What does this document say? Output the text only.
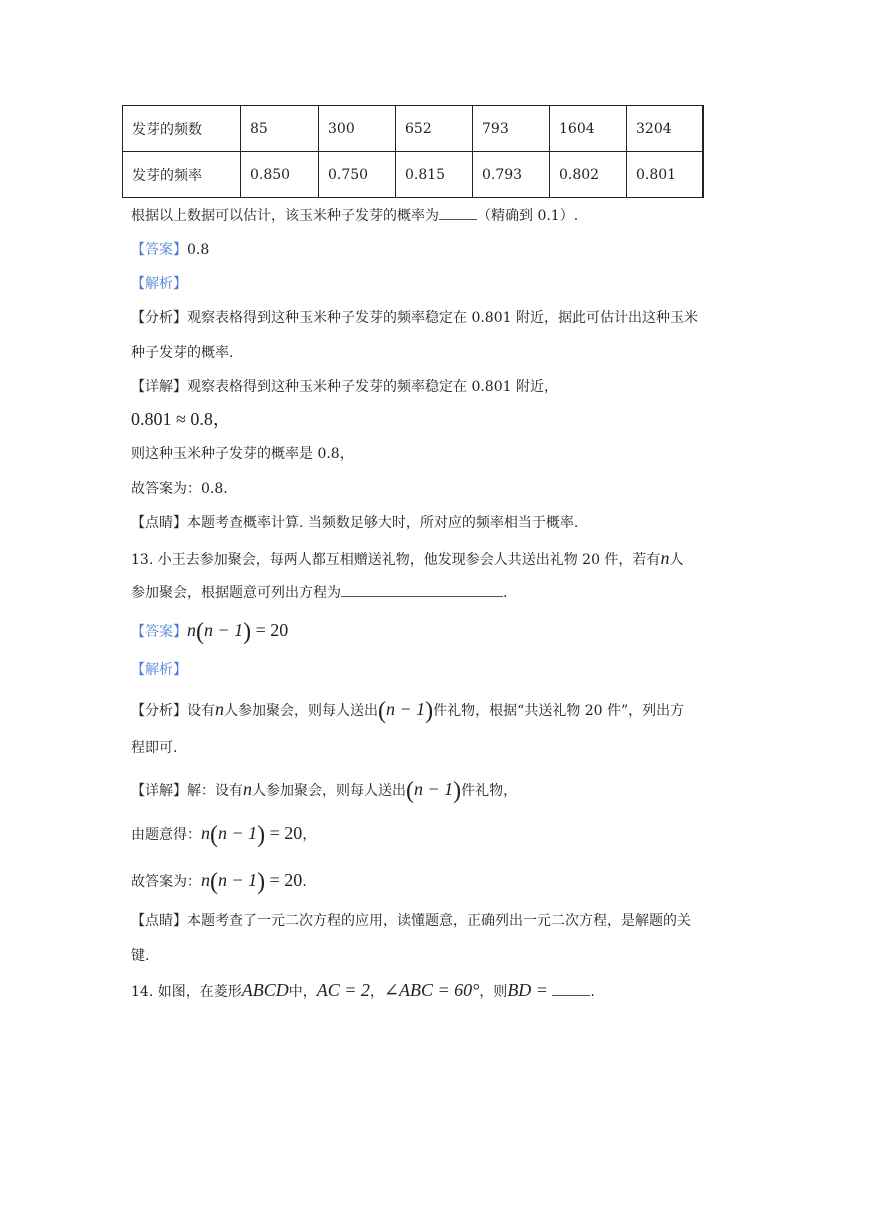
发芽的频数	85	300	652	793	1604	3204
发芽的频率	0.850	0.750	0.815	0.793	0.802	0.801
根据以上数据可以估计，该玉米种子发芽的概率为	（精确到 0.1）.
【答案】0.8
【解析】
【分析】观察表格得到这种玉米种子发芽的频率稳定在 0.801 附近，据此可估计出这种玉米
种子发芽的概率.
【详解】观察表格得到这种玉米种子发芽的频率稳定在 0.801 附近，
0.801 ≈ 0.8，
则这种玉米种子发芽的概率是 0.8，
故答案为：0.8.
【点睛】本题考查概率计算. 当频数足够大时，所对应的频率相当于概率.
13. 小王去参加聚会，每两人都互相赠送礼物，他发现参会人共送出礼物 20 件，若有n人
参加聚会，根据题意可列出方程为	.
【答案】n(n − 1) = 20
【解析】
【分析】设有n人参加聚会，则每人送出(n − 1)件礼物，根据“共送礼物 20 件”，列出方
程即可.
【详解】解：设有n人参加聚会，则每人送出(n − 1)件礼物，
由题意得：n(n − 1) = 20，
故答案为：n(n − 1) = 20.
【点睛】本题考查了一元二次方程的应用，读懂题意，正确列出一元二次方程，是解题的关
键.
14. 如图，在菱形ABCD中，AC = 2，∠ABC = 60°，则BD =	.
